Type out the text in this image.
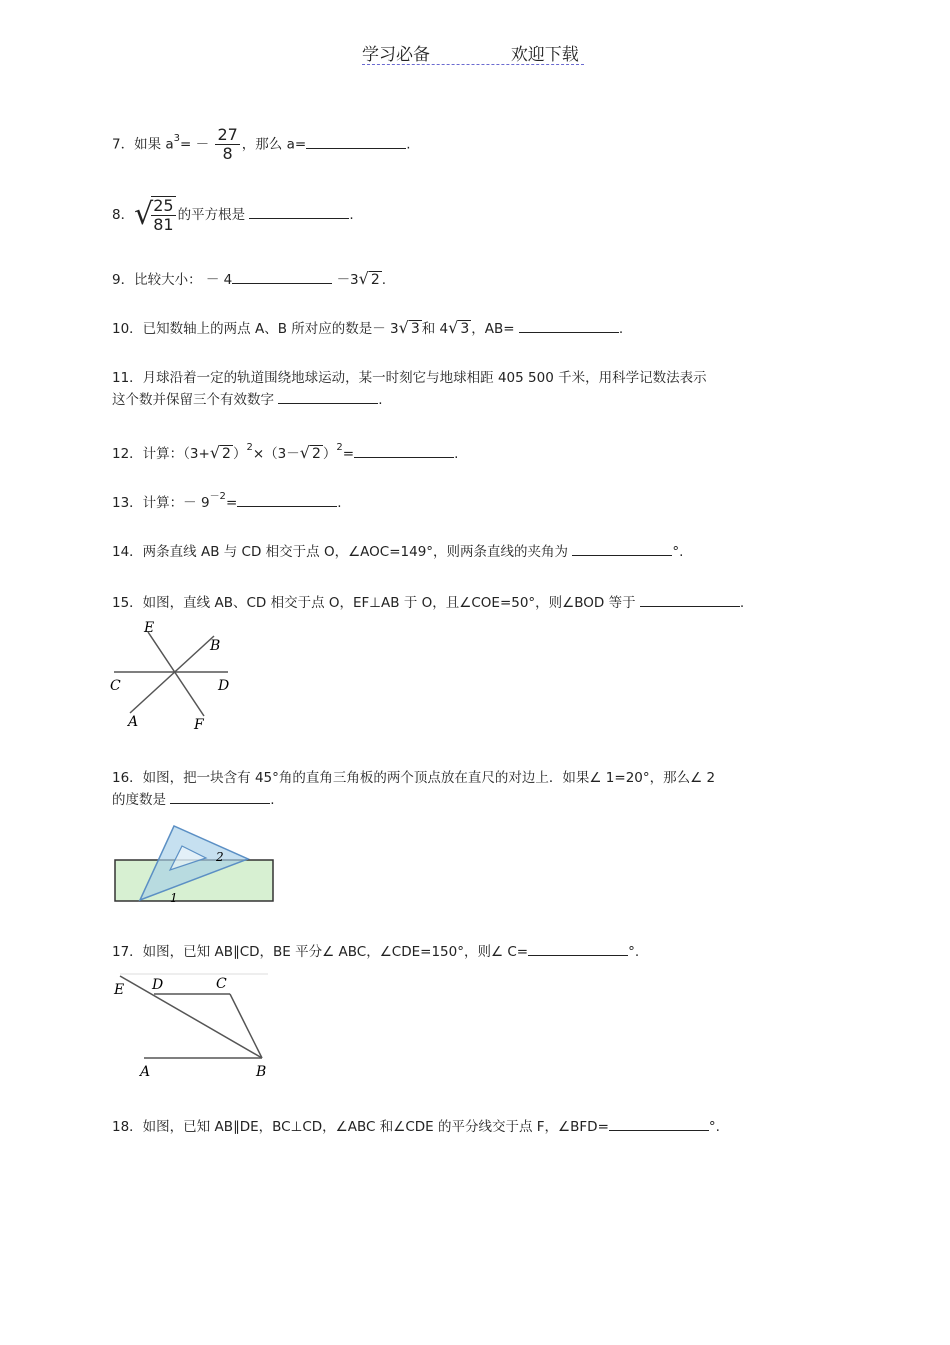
学习必备	欢迎下载
7．如果 $a^3= - \frac{27}{8}$ ，那么 a=	.
8．√
$\frac{25}{81}$ 的平方根是	.
9．比较大小： － 4	－3√ 2 .
10．已知数轴上的两点 A、B 所对应的数是－ 3√ 3 和 4√ 3 ，AB=	.
11．月球沿着一定的轨道围绕地球运动，某一时刻它与地球相距 405 500 千米，用科学记数法表示
这个数并保留三个有效数字	.
12．计算：（3+√ 2 ）$^2$×（3－√ 2 ）$^2$=	.
13．计算：－ $9^{-2}=$	.
14．两条直线 AB 与 CD 相交于点 O，∠AOC=149°，则两条直线的夹角为	°.
15．如图，直线 AB、CD 相交于点 O，EF⊥AB 于 O，且∠COE=50°，则∠BOD 等于	.
E
B
C	D
A	F
16．如图，把一块含有 45°角的直角三角板的两个顶点放在直尺的对边上．如果∠ 1=20°，那么∠ 2
的度数是	.
2
1
17．如图，已知 AB∥CD，BE 平分∠ ABC，∠CDE=150°，则∠ C=	°.
E D	C
A	B
18．如图，已知 AB∥DE，BC⊥CD，∠ABC 和∠CDE 的平分线交于点 F，∠BFD=	°.
